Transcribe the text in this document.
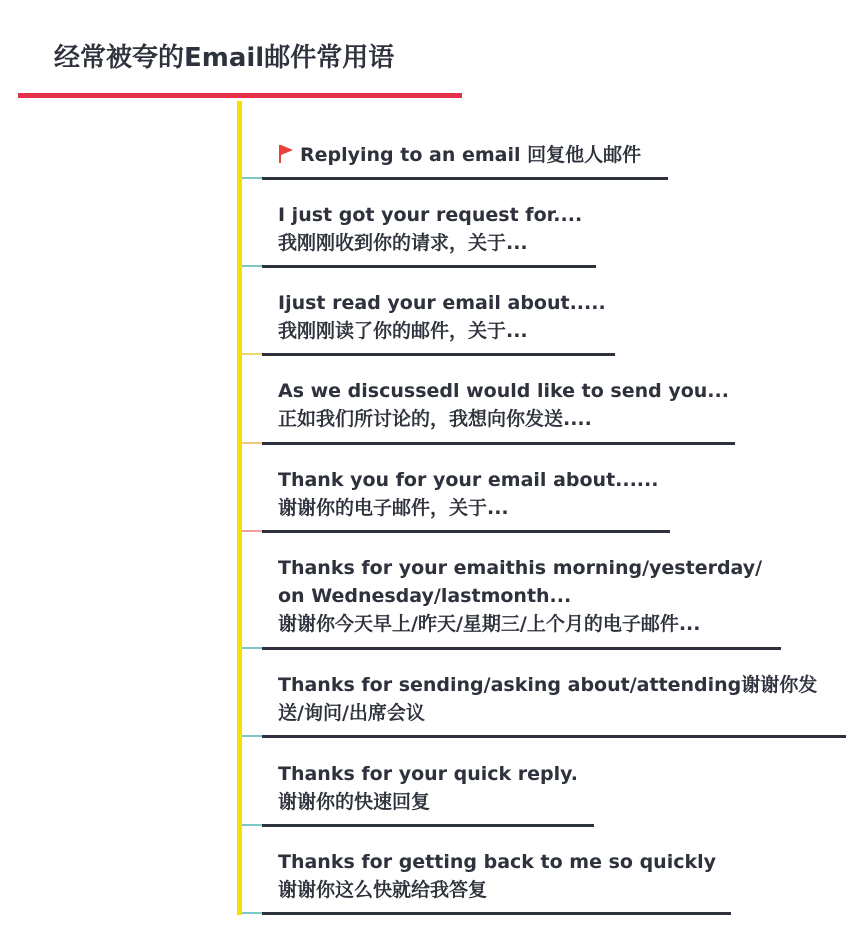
经常被夸的Email邮件常用语
Replying to an email 回复他人邮件
I just got your request for....
我刚刚收到你的请求，关于...
Ijust read your email about.....
我刚刚读了你的邮件，关于...
As we discussedl would like to send you...
正如我们所讨论的，我想向你发送....
Thank you for your email about......
谢谢你的电子邮件，关于...
Thanks for your emaithis morning/yesterday/
on Wednesday/lastmonth...
谢谢你今天早上/昨天/星期三/上个月的电子邮件...
Thanks for sending/asking about/attending谢谢你发
送/询问/出席会议
Thanks for your quick reply.
谢谢你的快速回复
Thanks for getting back to me so quickly
谢谢你这么快就给我答复
